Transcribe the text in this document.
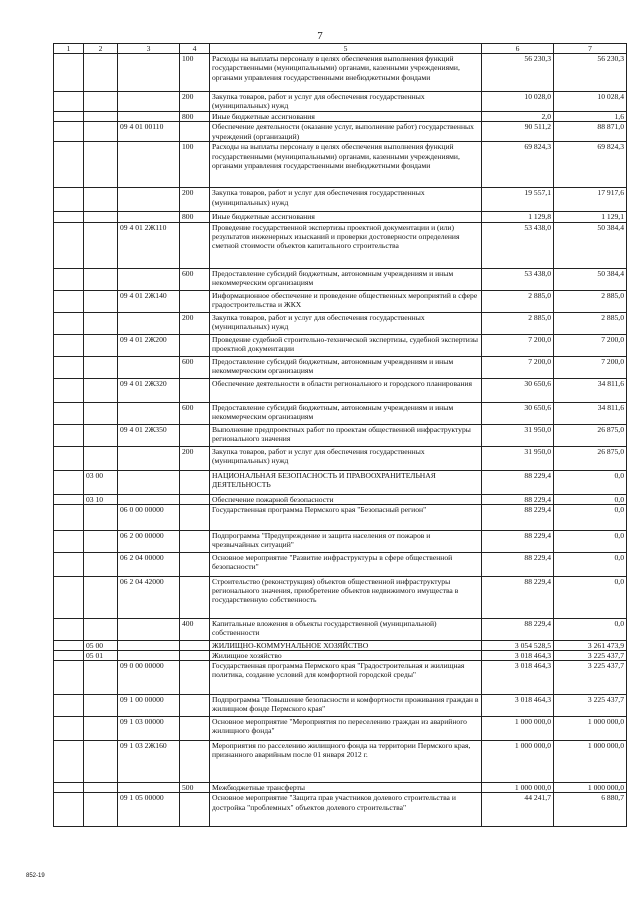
7
1	2	3	4	5	6	7
			100	Расходы на выплаты персоналу в целях обеспечения выполнения функций государственными (муниципальными) органами, казенными учреждениями, органами управления государственными внебюджетными фондами	56 230,3	56 230,3
			200	Закупка товаров, работ и услуг для обеспечения государственных (муниципальных) нужд	10 028,0	10 028,4
			800	Иные бюджетные ассигнования	2,0	1,6
		09 4 01 00110		Обеспечение деятельности (оказание услуг, выполнение работ) государственных учреждений (организаций)	90 511,2	88 871,0
			100	Расходы на выплаты персоналу в целях обеспечения выполнения функций государственными (муниципальными) органами, казенными учреждениями, органами управления государственными внебюджетными фондами	69 824,3	69 824,3
			200	Закупка товаров, работ и услуг для обеспечения государственных (муниципальных) нужд	19 557,1	17 917,6
			800	Иные бюджетные ассигнования	1 129,8	1 129,1
		09 4 01 2Ж110		Проведение государственной экспертизы проектной документации и (или) результатов инженерных изысканий и проверки достоверности определения сметной стоимости объектов капитального строительства	53 438,0	50 384,4
			600	Предоставление субсидий бюджетным, автономным учреждениям и иным некоммерческим организациям	53 438,0	50 384,4
		09 4 01 2Ж140		Информационное обеспечение и проведение общественных мероприятий в сфере градостроительства и ЖКХ	2 885,0	2 885,0
			200	Закупка товаров, работ и услуг для обеспечения государственных (муниципальных) нужд	2 885,0	2 885,0
		09 4 01 2Ж200		Проведение судебной строительно-технической экспертизы, судебной экспертизы проектной документации	7 200,0	7 200,0
			600	Предоставление субсидий бюджетным, автономным учреждениям и иным некоммерческим организациям	7 200,0	7 200,0
		09 4 01 2Ж320		Обеспечение деятельности в области регионального и городского планирования	30 650,6	34 811,6
			600	Предоставление субсидий бюджетным, автономным учреждениям и иным некоммерческим организациям	30 650,6	34 811,6
		09 4 01 2Ж350		Выполнение предпроектных работ по проектам общественной инфраструктуры регионального значения	31 950,0	26 875,0
			200	Закупка товаров, работ и услуг для обеспечения государственных (муниципальных) нужд	31 950,0	26 875,0
	03 00			НАЦИОНАЛЬНАЯ БЕЗОПАСНОСТЬ И ПРАВООХРАНИТЕЛЬНАЯ ДЕЯТЕЛЬНОСТЬ	88 229,4	0,0
	03 10			Обеспечение пожарной безопасности	88 229,4	0,0
		06 0 00 00000		Государственная программа Пермского края "Безопасный регион"	88 229,4	0,0
		06 2 00 00000		Подпрограмма "Предупреждение и защита населения от пожаров и чрезвычайных ситуаций"	88 229,4	0,0
		06 2 04 00000		Основное мероприятие "Развитие инфраструктуры в сфере общественной безопасности"	88 229,4	0,0
		06 2 04 42000		Строительство (реконструкция) объектов общественной инфраструктуры регионального значения, приобретение объектов недвижимого имущества в государственную собственность	88 229,4	0,0
			400	Капитальные вложения в объекты государственной (муниципальной) собственности	88 229,4	0,0
	05 00			ЖИЛИЩНО-КОММУНАЛЬНОЕ ХОЗЯЙСТВО	3 054 528,5	3 261 473,9
	05 01			Жилищное хозяйство	3 018 464,3	3 225 437,7
		09 0 00 00000		Государственная программа Пермского края "Градостроительная и жилищная политика, создание условий для комфортной городской среды"	3 018 464,3	3 225 437,7
		09 1 00 00000		Подпрограмма "Повышение безопасности и комфортности проживания граждан в жилищном фонде Пермского края"	3 018 464,3	3 225 437,7
		09 1 03 00000		Основное мероприятие "Мероприятия по переселению граждан из аварийного жилищного фонда"	1 000 000,0	1 000 000,0
		09 1 03 2Ж160		Мероприятия по расселению жилищного фонда на территории Пермского края, признанного аварийным после 01 января 2012 г.	1 000 000,0	1 000 000,0
			500	Межбюджетные трансферты	1 000 000,0	1 000 000,0
		09 1 05 00000		Основное мероприятие "Защита прав участников долевого строительства и достройка "проблемных" объектов долевого строительства"	44 241,7	6 880,7
852-19
